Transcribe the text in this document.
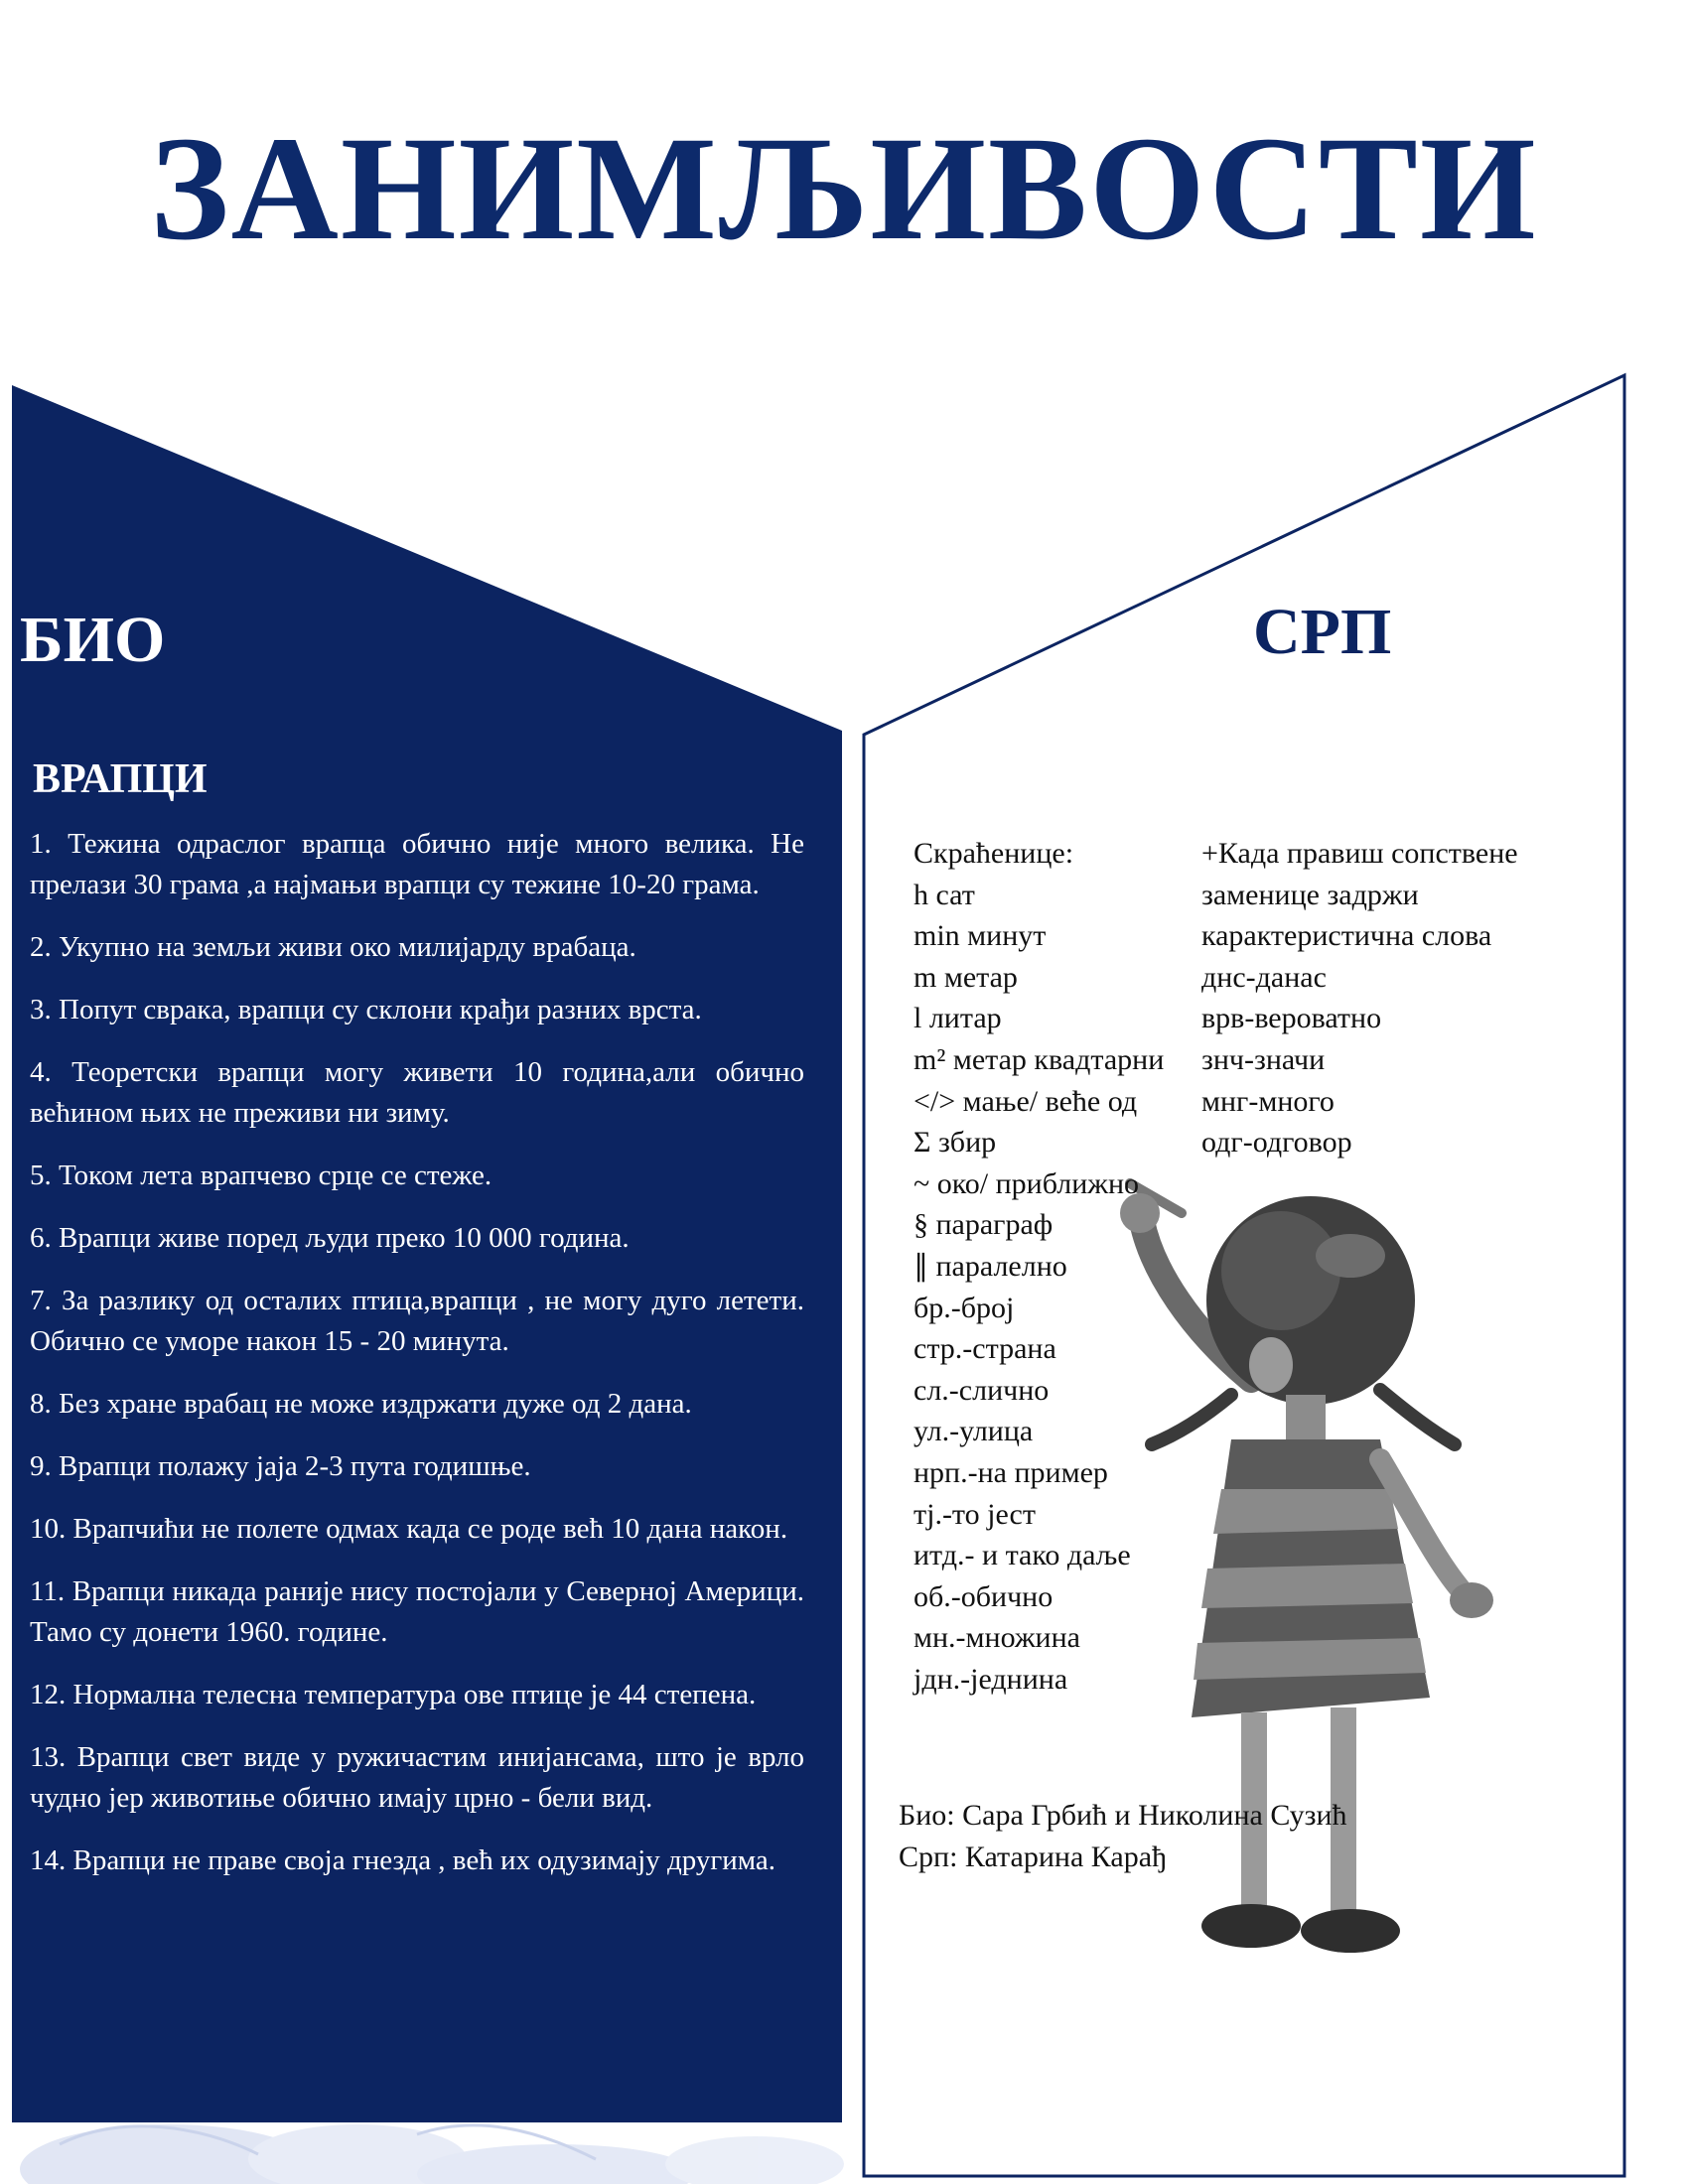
ЗАНИМЉИВОСТИ
БИО	СРП
ВРАПЦИ

1. Тежина одраслог врапца обично није много велика. Не прелази 30 грама ,а најмањи врапци су тежине 10-20 грама.

2. Укупно на земљи живи око милијарду врабаца.

3. Попут свракa, врапци су склони крађи разних врста.

4. Теоретски врапци могу живети 10 година,али обично већином њих не преживи ни зиму.

5. Током лета врапчево срце се стеже.

6. Врапци живе поред људи преко 10 000 година.

7. За разлику од осталих птица,врапци , не могу дуго летети. Обично се уморе након 15 - 20 минута.

8. Без хране врабац не може издржати дуже од 2 дана.

9. Врапци полажу јаја 2-3 пута годишње.

10. Врапчићи не полете одмах када се роде већ 10 дана након.

11. Врапци никада раније нису постојали у Северној Америци. Тамо су донети 1960. године.

12. Нормална телесна температура ове птице је 44 степена.

13. Врапци свет виде у ружичастим инијансама, што је врло чудно јер животиње обично имају црно - бели вид.

14. Врапци не праве своја гнезда , већ их одузимају другима.

Скраћенице:
h сат
min минут
m метар
l литар
m² метар квадтарни
</> мање/ веће од
Σ збир
~ око/ приближно
§ параграф
∥ паралелно
бр.-број
стр.-страна
сл.-слично
ул.-улица
нрп.-на пример
тј.-то јест
итд.- и тако даље
об.-обично
мн.-множина
јдн.-једнина
+Када правиш сопствене
заменице задржи
карактеристична слова
днс-данас
врв-вероватно
знч-значи
мнг-много
одг-одговор
Био: Сара Грбић и Николина Сузић
Срп: Катарина Карађ
